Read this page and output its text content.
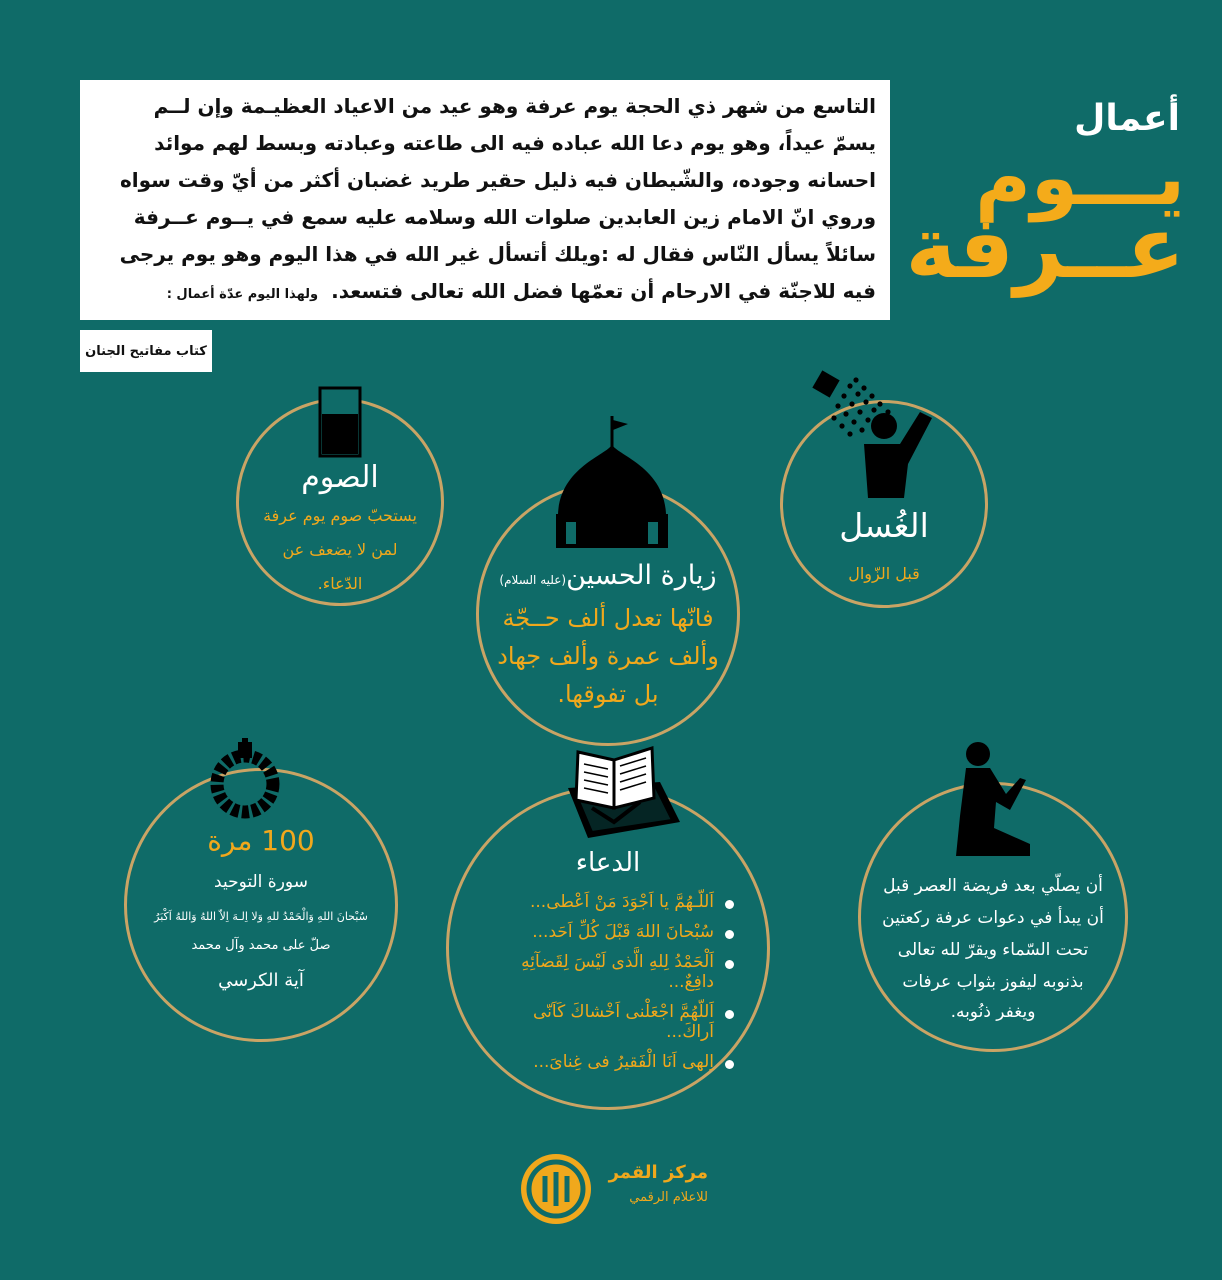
أعمال
يـــوم
عــرفة
التاسع من شهر ذي الحجة يوم عرفة وهو عيد من الاعياد العظيـمة وإن لــم
يسمّ عيداً، وهو يوم دعا الله عباده فيه الى طاعته وعبادته وبسط لهم موائد
احسانه وجوده، والشّيطان فيه ذليل حقير طريد غضبان أكثر من أيّ وقت سواه
وروي انّ الامام زين العابدين صلوات الله وسلامه عليه سمع في يــوم عــرفة
سائلاً يسأل النّاس فقال له :ويلك أتسأل غير الله في هذا اليوم وهو يوم يرجى
فيه للاجنّة في الارحام أن تعمّها فضل الله تعالى فتسعد. ولهذا اليوم عدّة أعمال :
كتاب مفاتيح الجنان
الغُسل
قبل الزّوال
الصوم
يستحبّ صوم يوم عرفة
لمن لا يضعف عن
الدّعاء.	زيارة الحسين(عليه السلام)
فانّها تعدل ألف حــجّة
وألف عمرة وألف جهاد
بل تفوقها.
أن يصلّي بعد فريضة العصر قبل
أن يبدأ في دعوات عرفة ركعتين
تحت السّماء ويقرّ لله تعالى
بذنوبه ليفوز بثواب عرفات
ويغفر ذنُوبه.
الدعاء
اَللّـهُمَّ يا اَجْوَدَ مَنْ اَعْطى...
سُبْحانَ اللهَ قَبْلَ كُلِّ اَحَد...
اَلْحَمْدُ لِلهِ الَّذى لَيْسَ لِقَضآئِهِ دافِعٌ...
اَللّهُمَّ اجْعَلْنى اَخْشاكَ كَاَنّى اَراكَ...
اِلهى اَنَا الْفَقيرُ فى غِناىَ...
100 مرة
سورة التوحيد
سُبْحانَ اللهِ وَالْحَمْدُ للهِ وَلا اِلـهَ اِلاّ اللهُ وَاللهُ اَكْبَرُ
صلّ على محمد وآل محمد
آية الكرسي
مركز القمر
للاعلام الرقمي
